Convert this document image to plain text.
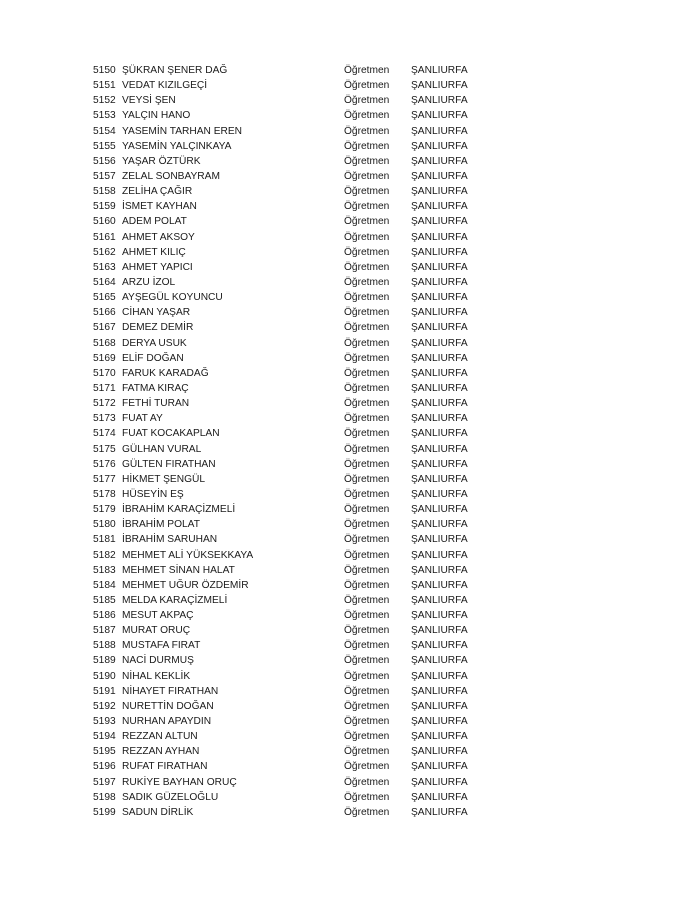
5150 ŞÜKRAN ŞENER DAĞ	Öğretmen	ŞANLIURFA
5151 VEDAT KIZILGEÇİ	Öğretmen	ŞANLIURFA
5152 VEYSİ ŞEN	Öğretmen	ŞANLIURFA
5153 YALÇIN HANO	Öğretmen	ŞANLIURFA
5154 YASEMİN TARHAN EREN	Öğretmen	ŞANLIURFA
5155 YASEMİN YALÇINKAYA	Öğretmen	ŞANLIURFA
5156 YAŞAR ÖZTÜRK	Öğretmen	ŞANLIURFA
5157 ZELAL SONBAYRAM	Öğretmen	ŞANLIURFA
5158 ZELİHA ÇAĞIR	Öğretmen	ŞANLIURFA
5159 İSMET KAYHAN	Öğretmen	ŞANLIURFA
5160 ADEM POLAT	Öğretmen	ŞANLIURFA
5161 AHMET AKSOY	Öğretmen	ŞANLIURFA
5162 AHMET KILIÇ	Öğretmen	ŞANLIURFA
5163 AHMET YAPICI	Öğretmen	ŞANLIURFA
5164 ARZU İZOL	Öğretmen	ŞANLIURFA
5165 AYŞEGÜL KOYUNCU	Öğretmen	ŞANLIURFA
5166 CİHAN YAŞAR	Öğretmen	ŞANLIURFA
5167 DEMEZ DEMİR	Öğretmen	ŞANLIURFA
5168 DERYA USUK	Öğretmen	ŞANLIURFA
5169 ELİF DOĞAN	Öğretmen	ŞANLIURFA
5170 FARUK KARADAĞ	Öğretmen	ŞANLIURFA
5171 FATMA KIRAÇ	Öğretmen	ŞANLIURFA
5172 FETHİ TURAN	Öğretmen	ŞANLIURFA
5173 FUAT AY	Öğretmen	ŞANLIURFA
5174 FUAT KOCAKAPLAN	Öğretmen	ŞANLIURFA
5175 GÜLHAN VURAL	Öğretmen	ŞANLIURFA
5176 GÜLTEN FIRATHAN	Öğretmen	ŞANLIURFA
5177 HİKMET ŞENGÜL	Öğretmen	ŞANLIURFA
5178 HÜSEYİN EŞ	Öğretmen	ŞANLIURFA
5179 İBRAHİM KARAÇİZMELİ	Öğretmen	ŞANLIURFA
5180 İBRAHİM POLAT	Öğretmen	ŞANLIURFA
5181 İBRAHİM SARUHAN	Öğretmen	ŞANLIURFA
5182 MEHMET ALİ YÜKSEKKAYA	Öğretmen	ŞANLIURFA
5183 MEHMET SİNAN HALAT	Öğretmen	ŞANLIURFA
5184 MEHMET UĞUR ÖZDEMİR	Öğretmen	ŞANLIURFA
5185 MELDA KARAÇİZMELİ	Öğretmen	ŞANLIURFA
5186 MESUT AKPAÇ	Öğretmen	ŞANLIURFA
5187 MURAT ORUÇ	Öğretmen	ŞANLIURFA
5188 MUSTAFA FIRAT	Öğretmen	ŞANLIURFA
5189 NACİ DURMUŞ	Öğretmen	ŞANLIURFA
5190 NİHAL KEKLİK	Öğretmen	ŞANLIURFA
5191 NİHAYET FIRATHAN	Öğretmen	ŞANLIURFA
5192 NURETTİN DOĞAN	Öğretmen	ŞANLIURFA
5193 NURHAN APAYDIN	Öğretmen	ŞANLIURFA
5194 REZZAN ALTUN	Öğretmen	ŞANLIURFA
5195 REZZAN AYHAN	Öğretmen	ŞANLIURFA
5196 RUFAT FIRATHAN	Öğretmen	ŞANLIURFA
5197 RUKİYE BAYHAN ORUÇ	Öğretmen	ŞANLIURFA
5198 SADIK GÜZELOĞLU	Öğretmen	ŞANLIURFA
5199 SADUN DİRLİK	Öğretmen	ŞANLIURFA
